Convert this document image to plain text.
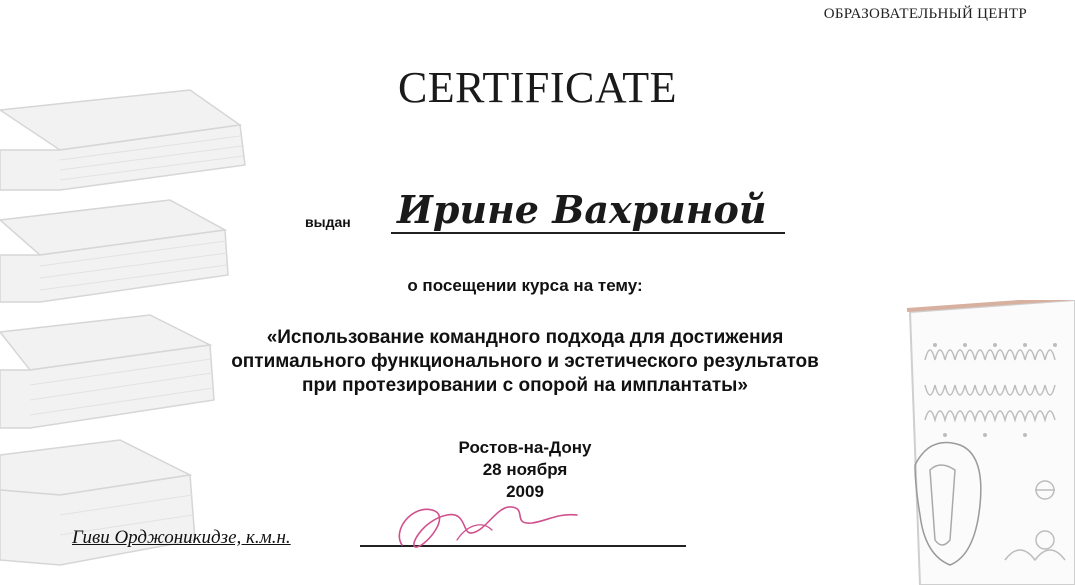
ОБРАЗОВАТЕЛЬНЫЙ ЦЕНТР
CERTIFICATE
выдан Ирине Вахриной
о посещении курса на тему:
«Использование командного подхода для достижения
оптимального функционального и эстетического результатов
при протезировании с опорой на имплантаты»
Ростов-на-Дону
28 ноября
2009
Гиви Орджоникидзе, к.м.н.
